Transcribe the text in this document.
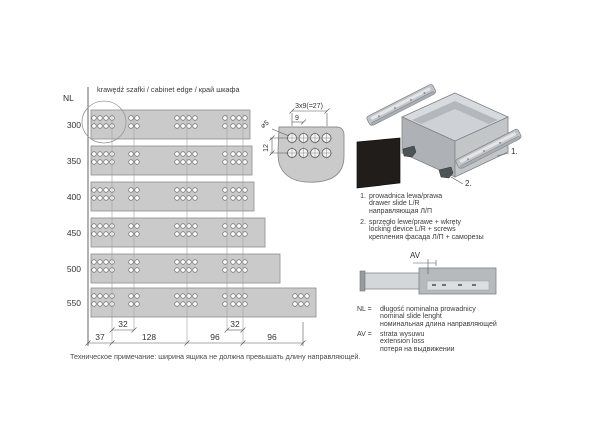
300
350
400
450
500
550
37	128	96	96
32	32
3x9(=27)
9
12
⌀5
NL
krawędź szafki / cabinet edge / край шкафа
1.
2.
1. prowadnica lewa/prawa
drawer slide L/R
направляющая Л/П
2. sprzęgło lewe/prawe + wkręty
locking device L/R + screws
крепления фасада Л/П + саморезы
AV
NL =	długość nominalna prowadnicy
nominal slide lenght
номинальная длина направляющей
AV =	strata wysuwu
extension loss
потеря на выдвижении
Техническое примечание: ширина ящика не должна превышать длину направляющей.
